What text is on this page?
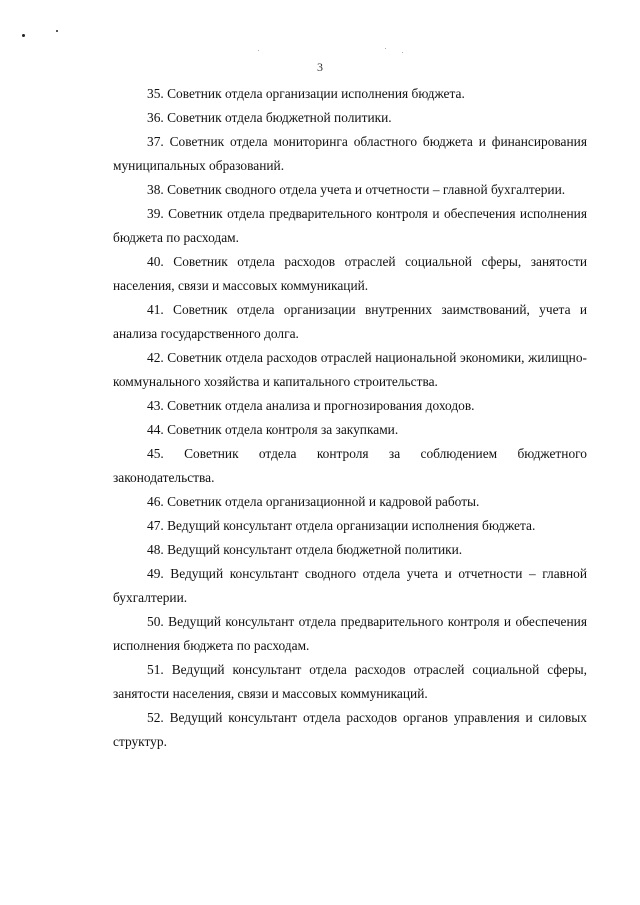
3

35. Советник отдела организации исполнения бюджета.

36. Советник отдела бюджетной политики.

37. Советник отдела мониторинга областного бюджета и финансирования муниципальных образований.

38. Советник сводного отдела учета и отчетности – главной бухгалтерии.

39. Советник отдела предварительного контроля и обеспечения исполнения бюджета по расходам.

40. Советник отдела расходов отраслей социальной сферы, занятости населения, связи и массовых коммуникаций.

41. Советник отдела организации внутренних заимствований, учета и анализа государственного долга.

42. Советник отдела расходов отраслей национальной экономики, жилищно-коммунального хозяйства и капитального строительства.

43. Советник отдела анализа и прогнозирования доходов.

44. Советник отдела контроля за закупками.

45. Советник отдела контроля за соблюдением бюджетного законодательства.

46. Советник отдела организационной и кадровой работы.

47. Ведущий консультант отдела организации исполнения бюджета.

48. Ведущий консультант отдела бюджетной политики.

49. Ведущий консультант сводного отдела учета и отчетности – главной бухгалтерии.

50. Ведущий консультант отдела предварительного контроля и обеспечения исполнения бюджета по расходам.

51. Ведущий консультант отдела расходов отраслей социальной сферы, занятости населения, связи и массовых коммуникаций.

52. Ведущий консультант отдела расходов органов управления и силовых структур.
